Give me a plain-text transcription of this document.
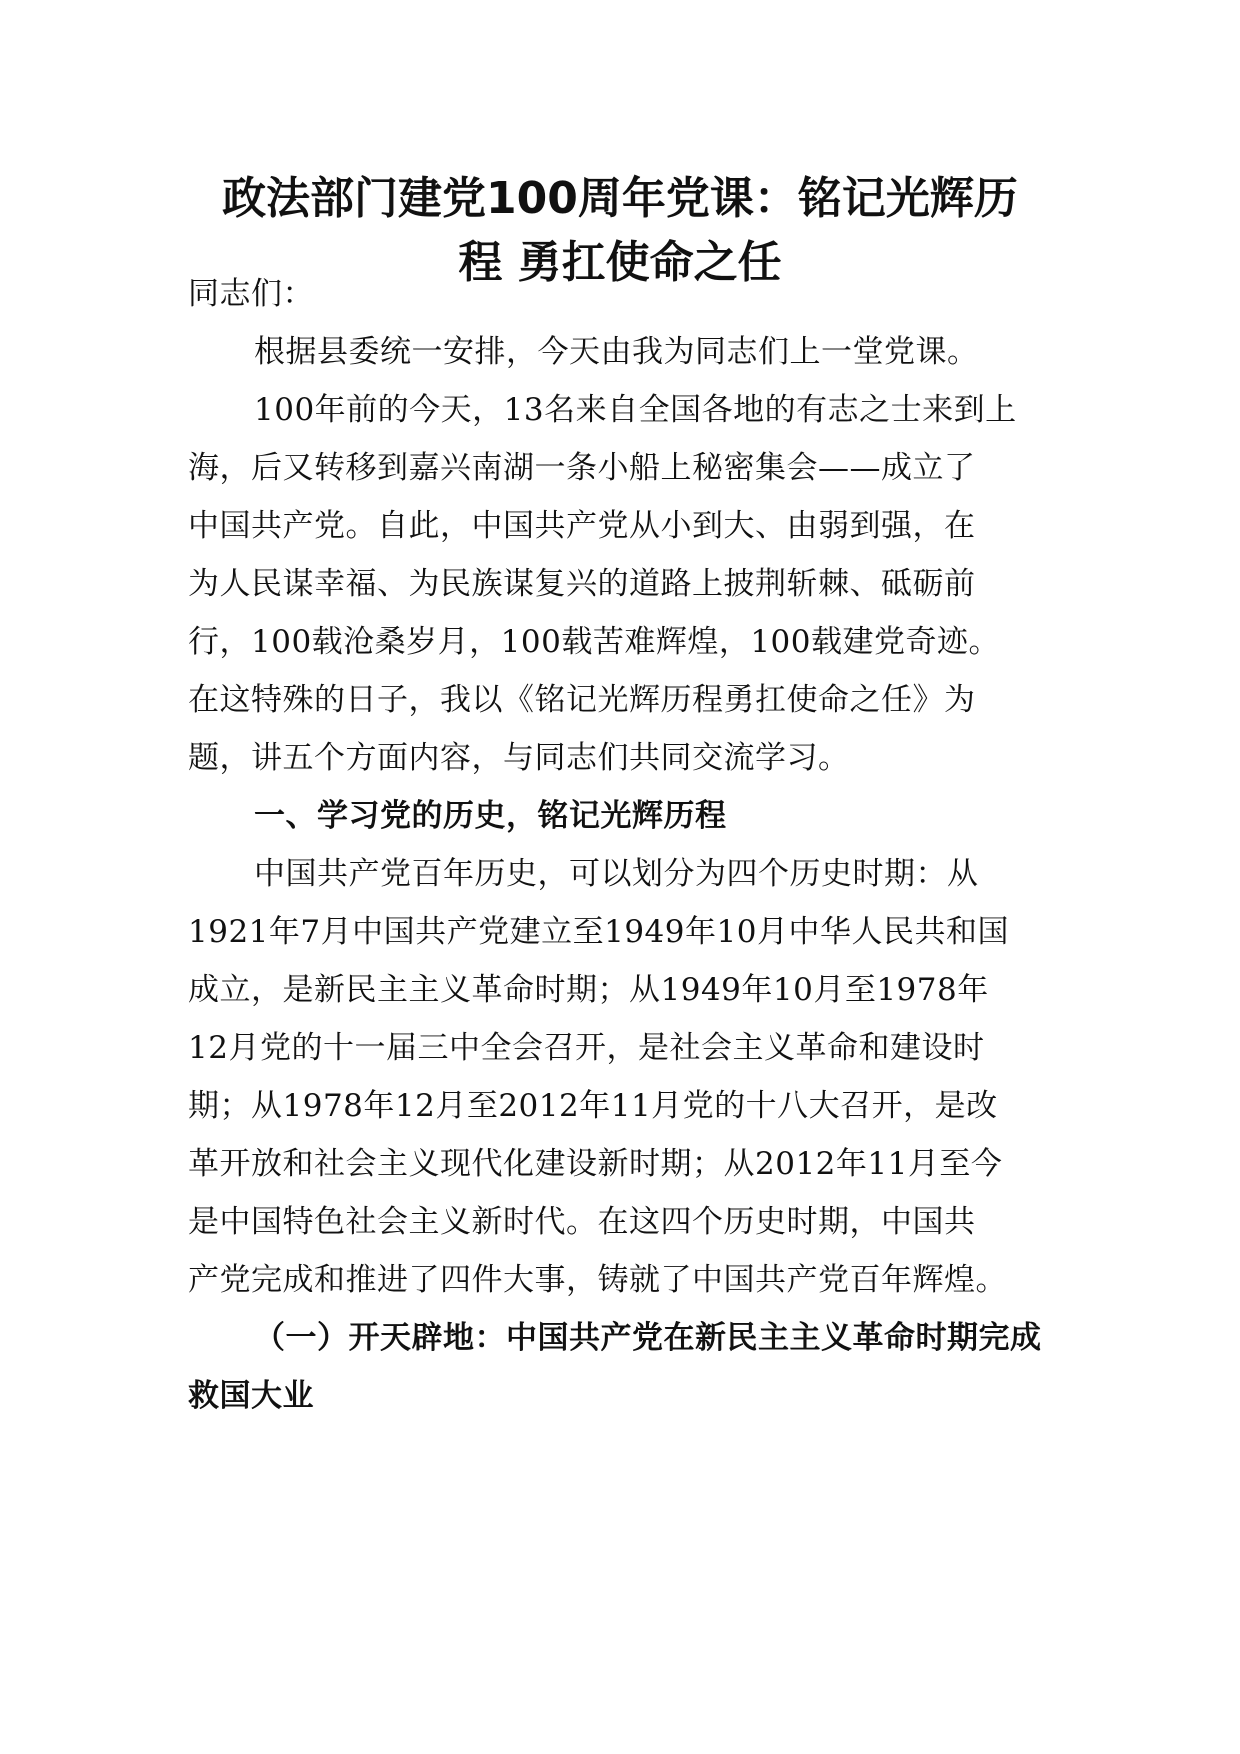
政法部门建党100周年党课：铭记光辉历
程 勇扛使命之任
同志们：
根据县委统一安排，今天由我为同志们上一堂党课。
100年前的今天，13名来自全国各地的有志之士来到上
海，后又转移到嘉兴南湖一条小船上秘密集会——成立了
中国共产党。自此，中国共产党从小到大、由弱到强，在
为人民谋幸福、为民族谋复兴的道路上披荆斩棘、砥砺前
行，100载沧桑岁月，100载苦难辉煌，100载建党奇迹。
在这特殊的日子，我以《铭记光辉历程勇扛使命之任》为
题，讲五个方面内容，与同志们共同交流学习。
一、学习党的历史，铭记光辉历程
中国共产党百年历史，可以划分为四个历史时期：从
1921年7月中国共产党建立至1949年10月中华人民共和国
成立，是新民主主义革命时期；从1949年10月至1978年
12月党的十一届三中全会召开，是社会主义革命和建设时
期；从1978年12月至2012年11月党的十八大召开，是改
革开放和社会主义现代化建设新时期；从2012年11月至今
是中国特色社会主义新时代。在这四个历史时期，中国共
产党完成和推进了四件大事，铸就了中国共产党百年辉煌。
（一）开天辟地：中国共产党在新民主主义革命时期完成
救国大业
